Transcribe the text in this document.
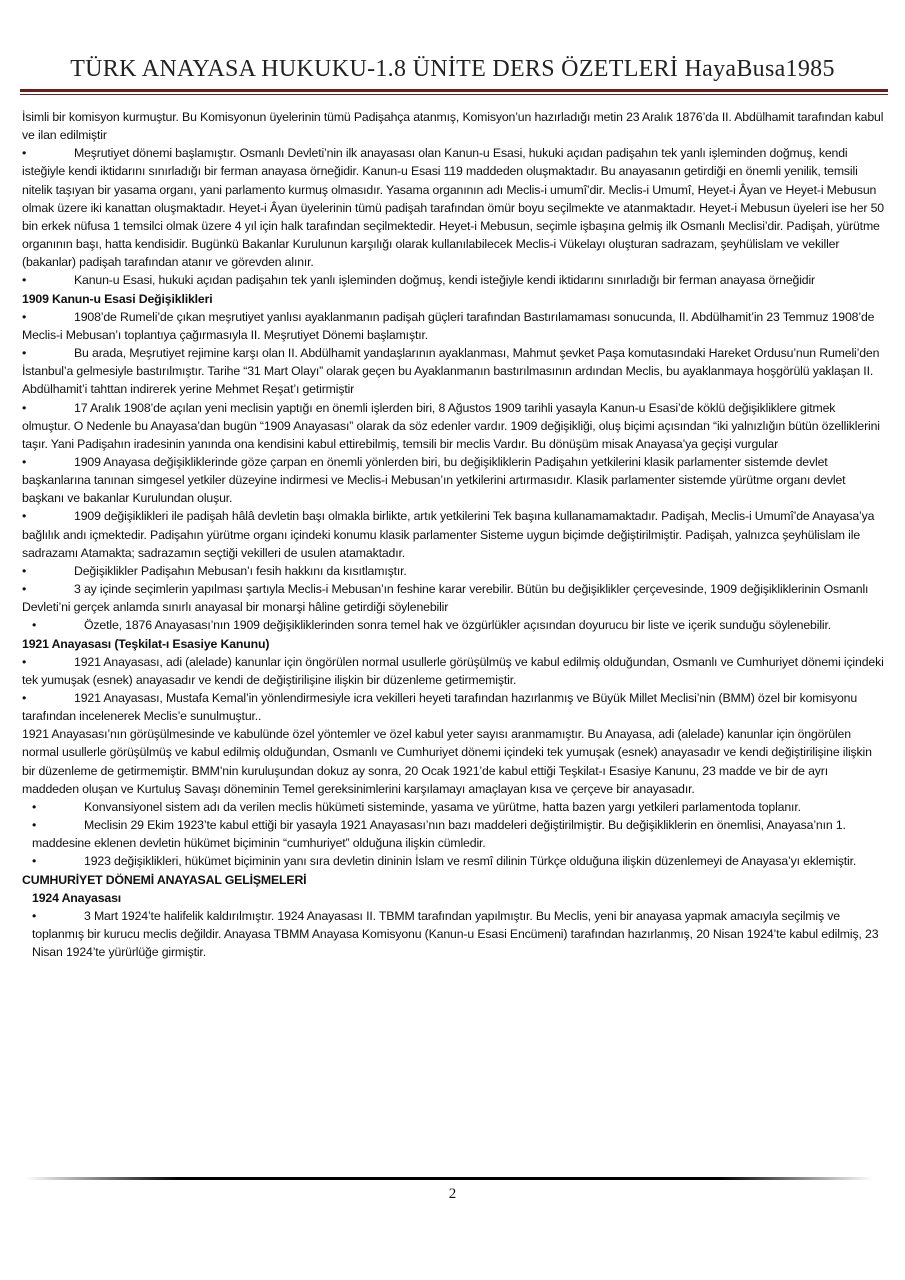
TÜRK ANAYASA HUKUKU-1.8 ÜNİTE DERS ÖZETLERİ HayaBusa1985
İsimli bir komisyon kurmuştur. Bu Komisyonun üyelerinin tümü Padişahça atanmış, Komisyon’un hazırladığı metin 23 Aralık 1876’da II. Abdülhamit tarafından kabul ve ilan edilmiştir
•	Meşrutiyet dönemi başlamıştır. Osmanlı Devleti’nin ilk anayasası olan Kanun-u Esasi, hukuki açıdan padişahın tek yanlı işleminden doğmuş, kendi isteğiyle kendi iktidarını sınırladığı bir ferman anayasa örneğidir. Kanun-u Esasi 119 maddeden oluşmaktadır. Bu anayasanın getirdiği en önemli yenilik, temsili nitelik taşıyan bir yasama organı, yani parlamento kurmuş olmasıdır. Yasama organının adı Meclis-i umumî’dir. Meclis-i Umumî, Heyet-i Âyan ve Heyet-i Mebusun olmak üzere iki kanattan oluşmaktadır. Heyet-i Âyan üyelerinin tümü padişah tarafından ömür boyu seçilmekte ve atanmaktadır. Heyet-i Mebusun üyeleri ise her 50 bin erkek nüfusa 1 temsilci olmak üzere 4 yıl için halk tarafından seçilmektedir. Heyet-i Mebusun, seçimle işbaşına gelmiş ilk Osmanlı Meclisi’dir. Padişah, yürütme organının başı, hatta kendisidir. Bugünkü Bakanlar Kurulunun karşılığı olarak kullanılabilecek Meclis-i Vükelayı oluşturan sadrazam, şeyhülislam ve vekiller (bakanlar) padişah tarafından atanır ve görevden alınır.
•	Kanun-u Esasi, hukuki açıdan padişahın tek yanlı işleminden doğmuş, kendi isteğiyle kendi iktidarını sınırladığı bir ferman anayasa örneğidir
1909 Kanun-u Esasi Değişiklikleri
•	1908’de Rumeli’de çıkan meşrutiyet yanlısı ayaklanmanın padişah güçleri tarafından Bastırılamaması sonucunda, II. Abdülhamit’in 23 Temmuz 1908’de Meclis-i Mebusan’ı toplantıya çağırmasıyla II. Meşrutiyet Dönemi başlamıştır.
•	Bu arada, Meşrutiyet rejimine karşı olan II. Abdülhamit yandaşlarının ayaklanması, Mahmut şevket Paşa komutasındaki Hareket Ordusu’nun Rumeli’den İstanbul’a gelmesiyle bastırılmıştır. Tarihe “31 Mart Olayı” olarak geçen bu Ayaklanmanın bastırılmasının ardından Meclis, bu ayaklanmaya hoşgörülü yaklaşan II. Abdülhamit’i tahttan indirerek yerine Mehmet Reşat’ı getirmiştir
•	17 Aralık 1908’de açılan yeni meclisin yaptığı en önemli işlerden biri, 8 Ağustos 1909 tarihli yasayla Kanun-u Esasi’de köklü değişikliklere gitmek olmuştur. O Nedenle bu Anayasa’dan bugün “1909 Anayasası” olarak da söz edenler vardır. 1909 değişikliği, oluş biçimi açısından “iki yalnızlığın bütün özelliklerini taşır. Yani Padişahın iradesinin yanında ona kendisini kabul ettirebilmiş, temsili bir meclis Vardır. Bu dönüşüm misak Anayasa’ya geçişi vurgular
•	1909 Anayasa değişikliklerinde göze çarpan en önemli yönlerden biri, bu değişikliklerin Padişahın yetkilerini klasik parlamenter sistemde devlet başkanlarına tanınan simgesel yetkiler düzeyine indirmesi ve Meclis-i Mebusan’ın yetkilerini artırmasıdır. Klasik parlamenter sistemde yürütme organı devlet başkanı ve bakanlar Kurulundan oluşur.
•	1909 değişiklikleri ile padişah hâlâ devletin başı olmakla birlikte, artık yetkilerini Tek başına kullanamamaktadır. Padişah, Meclis-i Umumî’de Anayasa’ya bağlılık andı içmektedir. Padişahın yürütme organı içindeki konumu klasik parlamenter Sisteme uygun biçimde değiştirilmiştir. Padişah, yalnızca şeyhülislam ile sadrazamı Atamakta; sadrazamın seçtiği vekilleri de usulen atamaktadır.
•	Değişiklikler Padişahın Mebusan’ı fesih hakkını da kısıtlamıştır.
•	3 ay içinde seçimlerin yapılması şartıyla Meclis-i Mebusan’ın feshine karar verebilir. Bütün bu değişiklikler çerçevesinde, 1909 değişikliklerinin Osmanlı Devleti’ni gerçek anlamda sınırlı anayasal bir monarşi hâline getirdiği söylenebilir
•	Özetle, 1876 Anayasası’nın 1909 değişikliklerinden sonra temel hak ve özgürlükler açısından doyurucu bir liste ve içerik sunduğu söylenebilir.
1921 Anayasası (Teşkilat-ı Esasiye Kanunu)
•	1921 Anayasası, adi (alelade) kanunlar için öngörülen normal usullerle görüşülmüş ve kabul edilmiş olduğundan, Osmanlı ve Cumhuriyet dönemi içindeki tek yumuşak (esnek) anayasadır ve kendi de değiştirilişine ilişkin bir düzenleme getirmemiştir.
•	1921 Anayasası, Mustafa Kemal’in yönlendirmesiyle icra vekilleri heyeti tarafından hazırlanmış ve Büyük Millet Meclisi’nin (BMM) özel bir komisyonu tarafından incelenerek Meclis’e sunulmuştur..
1921 Anayasası’nın görüşülmesinde ve kabulünde özel yöntemler ve özel kabul yeter sayısı aranmamıştır. Bu Anayasa, adi (alelade) kanunlar için öngörülen normal usullerle görüşülmüş ve kabul edilmiş olduğundan, Osmanlı ve Cumhuriyet dönemi içindeki tek yumuşak (esnek) anayasadır ve kendi değiştirilişine ilişkin bir düzenleme de getirmemiştir. BMM’nin kuruluşundan dokuz ay sonra, 20 Ocak 1921’de kabul ettiği Teşkilat-ı Esasiye Kanunu, 23 madde ve bir de ayrı maddeden oluşan ve Kurtuluş Savaşı döneminin Temel gereksinimlerini karşılamayı amaçlayan kısa ve çerçeve bir anayasadır.
•	Konvansiyonel sistem adı da verilen meclis hükümeti sisteminde, yasama ve yürütme, hatta bazen yargı yetkileri parlamentoda toplanır.
•	Meclisin 29 Ekim 1923’te kabul ettiği bir yasayla 1921 Anayasası’nın bazı maddeleri değiştirilmiştir. Bu değişikliklerin en önemlisi, Anayasa’nın 1. maddesine eklenen devletin hükümet biçiminin “cumhuriyet” olduğuna ilişkin cümledir.
•	1923 değişiklikleri, hükümet biçiminin yanı sıra devletin dininin İslam ve resmî dilinin Türkçe olduğuna ilişkin düzenlemeyi de Anayasa’yı eklemiştir.
CUMHURİYET DÖNEMİ ANAYASAL GELİŞMELERİ
1924 Anayasası
•	3 Mart 1924’te halifelik kaldırılmıştır. 1924 Anayasası II. TBMM tarafından yapılmıştır. Bu Meclis, yeni bir anayasa yapmak amacıyla seçilmiş ve toplanmış bir kurucu meclis değildir. Anayasa TBMM Anayasa Komisyonu (Kanun-u Esasi Encümeni) tarafından hazırlanmış, 20 Nisan 1924’te kabul edilmiş, 23 Nisan 1924’te yürürlüğe girmiştir.
2
